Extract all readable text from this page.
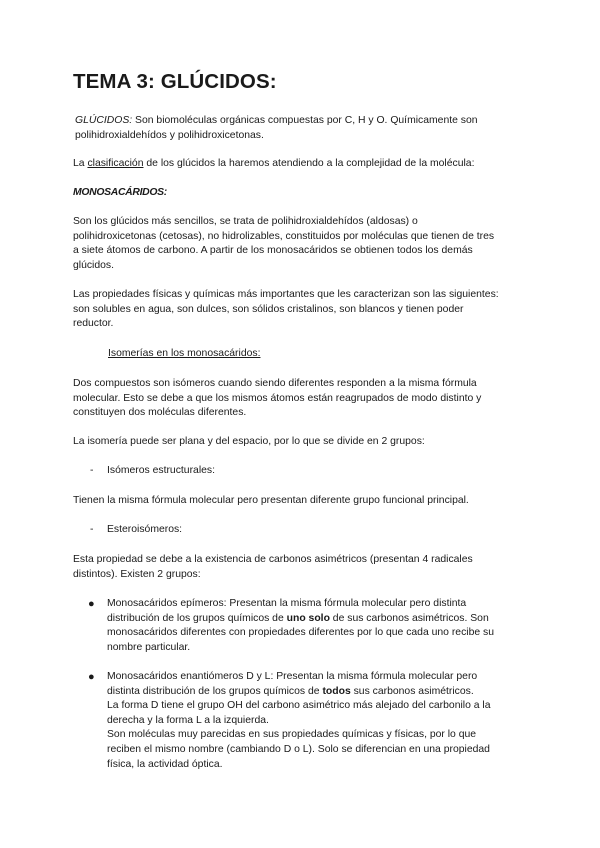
TEMA 3: GLÚCIDOS:

GLÚCIDOS: Son biomoléculas orgánicas compuestas por C, H y O. Químicamente son
polihidroxialdehídos y polihidroxicetonas.

La clasificación de los glúcidos la haremos atendiendo a la complejidad de la molécula:

MONOSACÁRIDOS:

Son los glúcidos más sencillos, se trata de polihidroxialdehídos (aldosas) o
polihidroxicetonas (cetosas), no hidrolizables, constituidos por moléculas que tienen de tres
a siete átomos de carbono. A partir de los monosacáridos se obtienen todos los demás
glúcidos.

Las propiedades físicas y químicas más importantes que les caracterizan son las siguientes:
son solubles en agua, son dulces, son sólidos cristalinos, son blancos y tienen poder
reductor.

Isomerías en los monosacáridos:

Dos compuestos son isómeros cuando siendo diferentes responden a la misma fórmula
molecular. Esto se debe a que los mismos átomos están reagrupados de modo distinto y
constituyen dos moléculas diferentes.

La isomería puede ser plana y del espacio, por lo que se divide en 2 grupos:

- Isómeros estructurales:

Tienen la misma fórmula molecular pero presentan diferente grupo funcional principal.

- Esteroisómeros:

Esta propiedad se debe a la existencia de carbonos asimétricos (presentan 4 radicales
distintos). Existen 2 grupos:

● Monosacáridos epímeros: Presentan la misma fórmula molecular pero distinta
distribución de los grupos químicos de uno solo de sus carbonos asimétricos. Son
monosacáridos diferentes con propiedades diferentes por lo que cada uno recibe su
nombre particular.
● Monosacáridos enantiómeros D y L: Presentan la misma fórmula molecular pero
distinta distribución de los grupos químicos de todos sus carbonos asimétricos.
La forma D tiene el grupo OH del carbono asimétrico más alejado del carbonilo a la
derecha y la forma L a la izquierda.
Son moléculas muy parecidas en sus propiedades químicas y físicas, por lo que
reciben el mismo nombre (cambiando D o L). Solo se diferencian en una propiedad
física, la actividad óptica.
